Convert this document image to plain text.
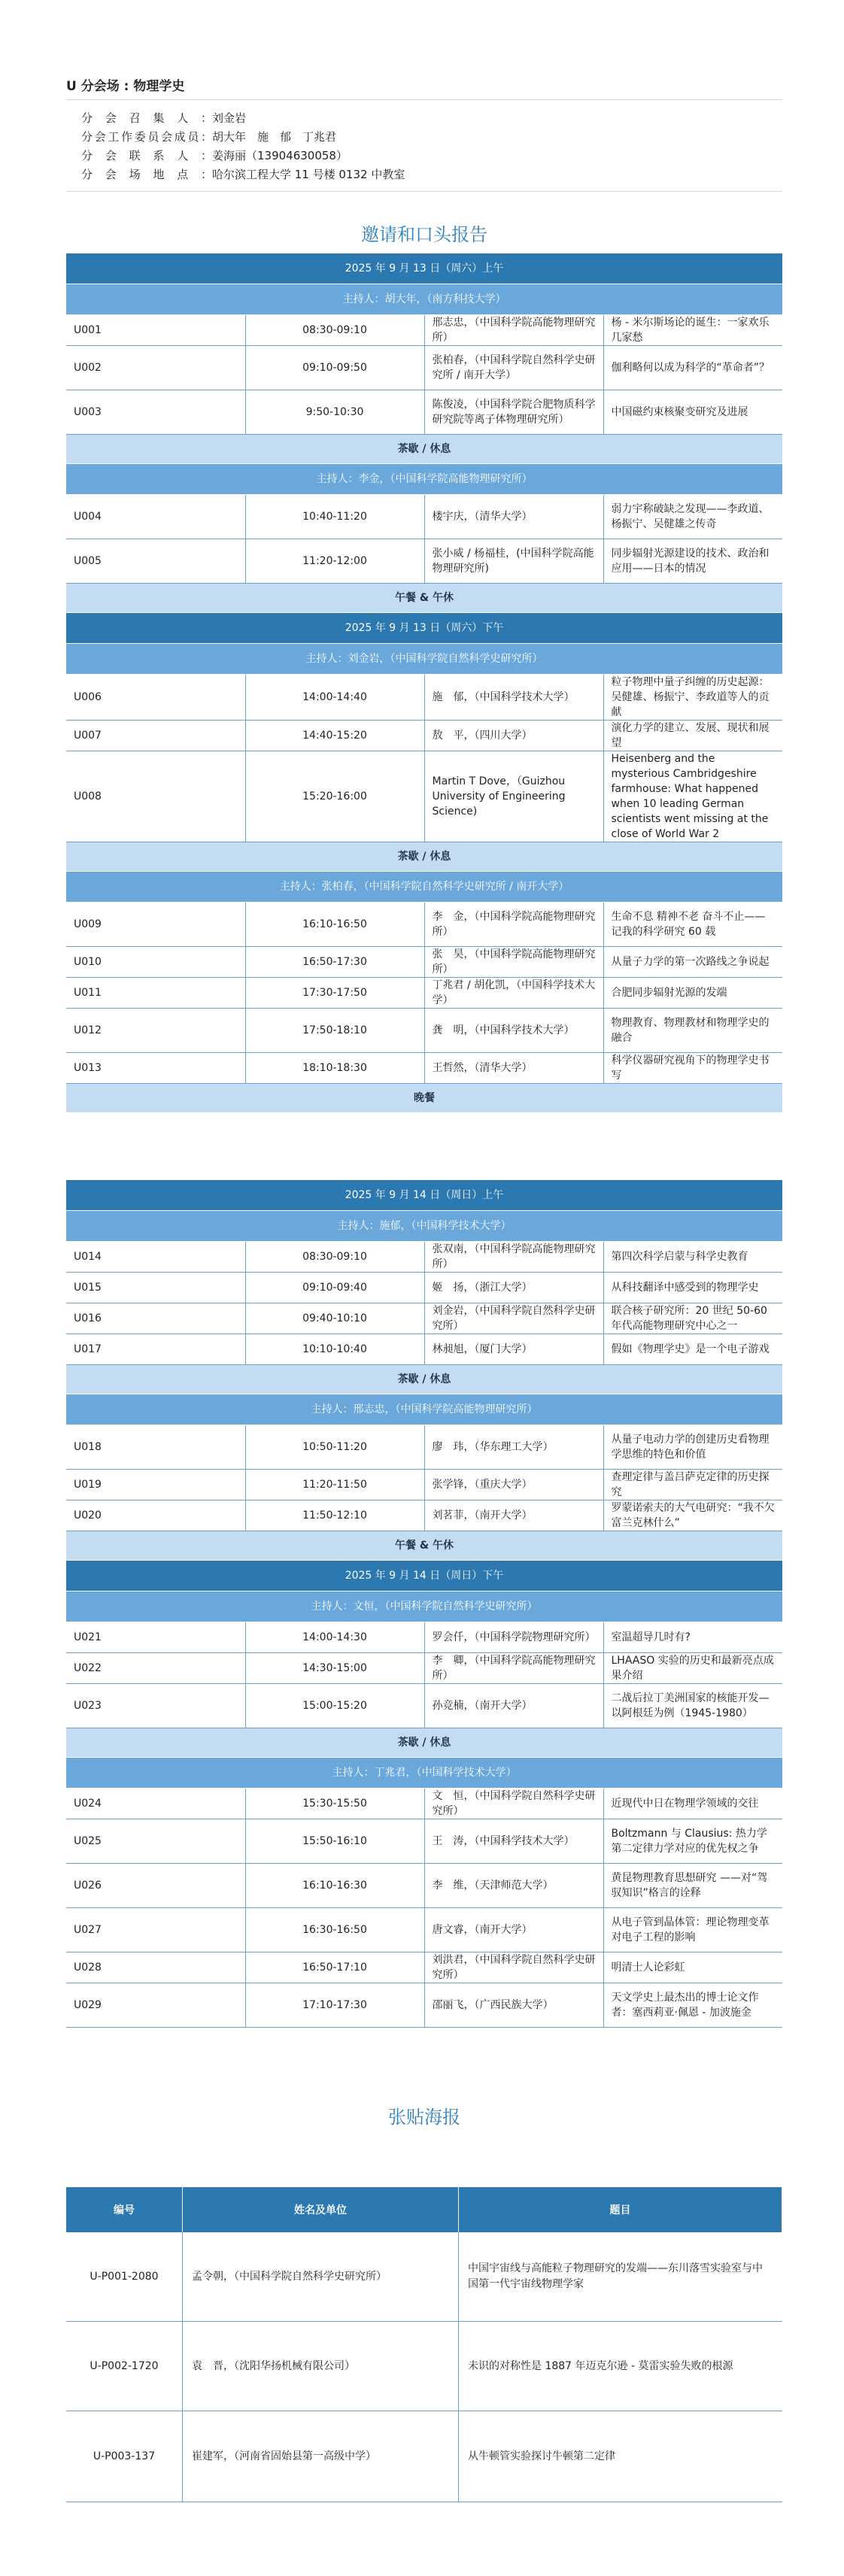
U 分会场 : 物理学史
分会召集人： 刘金岩
分会工作委员会成员： 胡大年　施　郁　丁兆君
分会联系人： 姜海丽（13904630058）
分会场地点： 哈尔滨工程大学 11 号楼 0132 中教室
邀请和口头报告
2025 年 9 月 13 日（周六）上午			
主持人：胡大年，（南方科技大学）			
U001	08:30-09:10	邢志忠，（中国科学院高能物理研究所）	杨 - 米尔斯场论的诞生：一家欢乐几家愁
U002	09:10-09:50	张柏春，（中国科学院自然科学史研究所 / 南开大学）	伽利略何以成为科学的“革命者”？
U003	9:50-10:30	陈俊凌，（中国科学院合肥物质科学研究院等离子体物理研究所）	中国磁约束核聚变研究及进展
茶歇 / 休息			
主持人：李金，（中国科学院高能物理研究所）			
U004	10:40-11:20	楼宇庆，（清华大学）	弱力宇称破缺之发现——李政道、杨振宁、吴健雄之传奇
U005	11:20-12:00	张小威 / 杨福桂，(中国科学院高能物理研究所)	同步辐射光源建设的技术、政治和应用——日本的情况
午餐 & 午休			
2025 年 9 月 13 日（周六）下午			
主持人：刘金岩，（中国科学院自然科学史研究所）			
U006	14:00-14:40	施　郁，（中国科学技术大学）	粒子物理中量子纠缠的历史起源：吴健雄、杨振宁、李政道等人的贡献
U007	14:40-15:20	敖　平，（四川大学）	演化力学的建立、发展、现状和展望
U008	15:20-16:00	Martin T Dove，（Guizhou University of Engineering Science)	Heisenberg and the mysterious Cambridgeshire farmhouse: What happened when 10 leading German scientists went missing at the close of World War 2
茶歇 / 休息			
主持人：张柏春，（中国科学院自然科学史研究所 / 南开大学）			
U009	16:10-16:50	李　金，（中国科学院高能物理研究所）	生命不息 精神不老 奋斗不止——记我的科学研究 60 载
U010	16:50-17:30	张　昊，（中国科学院高能物理研究所）	从量子力学的第一次路线之争说起
U011	17:30-17:50	丁兆君 / 胡化凯，（中国科学技术大学）	合肥同步辐射光源的发端
U012	17:50-18:10	龚　明，（中国科学技术大学）	物理教育、物理教材和物理学史的融合
U013	18:10-18:30	王哲然，（清华大学）	科学仪器研究视角下的物理学史书写
晚餐			
2025 年 9 月 14 日（周日）上午			
主持人：施郁，（中国科学技术大学）			
U014	08:30-09:10	张双南，（中国科学院高能物理研究所）	第四次科学启蒙与科学史教育
U015	09:10-09:40	姬　扬，（浙江大学）	从科技翻译中感受到的物理学史
U016	09:40-10:10	刘金岩，（中国科学院自然科学史研究所）	联合核子研究所：20 世纪 50-60 年代高能物理研究中心之一
U017	10:10-10:40	林昶旭，（厦门大学）	假如《物理学史》是一个电子游戏
茶歇 / 休息			
主持人：邢志忠，（中国科学院高能物理研究所）			
U018	10:50-11:20	廖　玮，（华东理工大学）	从量子电动力学的创建历史看物理学思维的特色和价值
U019	11:20-11:50	张学锋，（重庆大学）	查理定律与盖吕萨克定律的历史探究
U020	11:50-12:10	刘茗菲，（南开大学）	罗蒙诺索夫的大气电研究：“我不欠富兰克林什么”
午餐 & 午休			
2025 年 9 月 14 日（周日）下午			
主持人：文恒，（中国科学院自然科学史研究所）			
U021	14:00-14:30	罗会仟，（中国科学院物理研究所）	室温超导几时有?
U022	14:30-15:00	李　卿，（中国科学院高能物理研究所）	LHAASO 实验的历史和最新亮点成果介绍
U023	15:00-15:20	孙竞楠，（南开大学）	二战后拉丁美洲国家的核能开发—以阿根廷为例（1945-1980）
茶歇 / 休息			
主持人：丁兆君，（中国科学技术大学）			
U024	15:30-15:50	文　恒，（中国科学院自然科学史研究所）	近现代中日在物理学领域的交往
U025	15:50-16:10	王　涛，（中国科学技术大学）	Boltzmann 与 Clausius: 热力学第二定律力学对应的优先权之争
U026	16:10-16:30	李　维，（天津师范大学）	黄昆物理教育思想研究 ——对“驾驭知识”格言的诠释
U027	16:30-16:50	唐文睿，（南开大学）	从电子管到晶体管：理论物理变革对电子工程的影响
U028	16:50-17:10	刘洪君，（中国科学院自然科学史研究所）	明清士人论彩虹
U029	17:10-17:30	邵丽飞，（广西民族大学）	天文学史上最杰出的博士论文作者：塞西莉亚·佩恩 - 加波施金
张贴海报
编号	姓名及单位	题目
U-P001-2080	孟令朝，（中国科学院自然科学史研究所）	中国宇宙线与高能粒子物理研究的发端——东川落雪实验室与中国第一代宇宙线物理学家
U-P002-1720	袁　晋，（沈阳华扬机械有限公司）	未识的对称性是 1887 年迈克尔逊 - 莫雷实验失败的根源
U-P003-137	崔建军，（河南省固始县第一高级中学）	从牛顿管实验探讨牛顿第二定律
